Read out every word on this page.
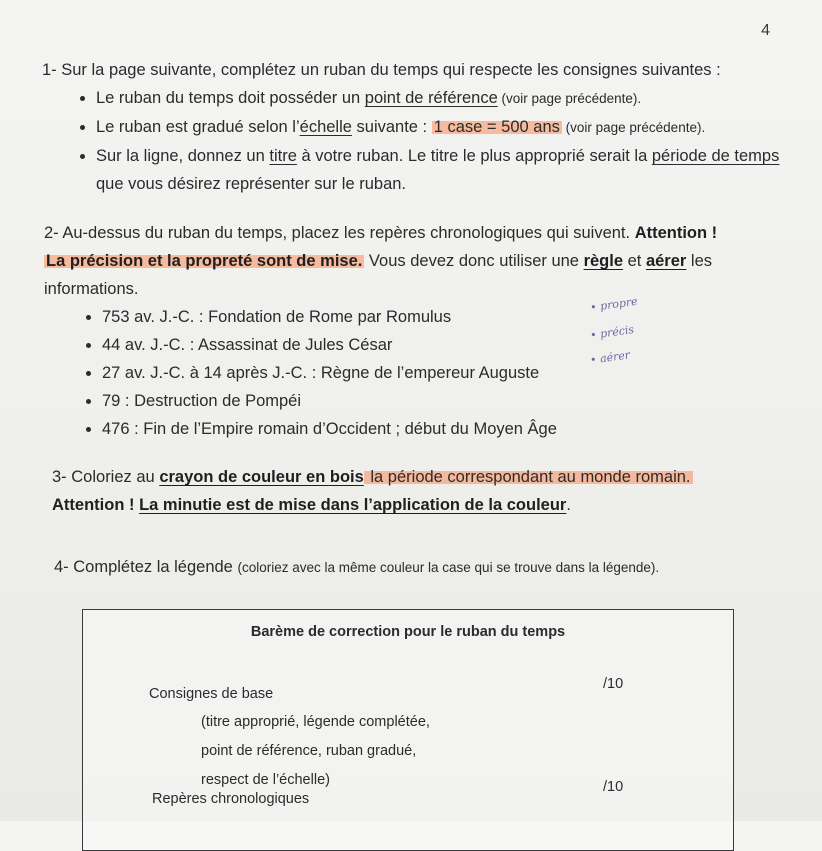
4
1- Sur la page suivante, complétez un ruban du temps qui respecte les consignes suivantes :
• Le ruban du temps doit posséder un point de référence (voir page précédente).
• Le ruban est gradué selon l’échelle suivante : 1 case = 500 ans (voir page précédente).
• Sur la ligne, donnez un titre à votre ruban. Le titre le plus approprié serait la période de temps que vous désirez représenter sur le ruban.
2- Au-dessus du ruban du temps, placez les repères chronologiques qui suivent. Attention !
La précision et la propreté sont de mise. Vous devez donc utiliser une règle et aérer les informations.
• 753 av. J.-C. : Fondation de Rome par Romulus
• 44 av. J.-C. : Assassinat de Jules César
• 27 av. J.-C. à 14 après J.-C. : Règne de l’empereur Auguste
• 79 : Destruction de Pompéi
• 476 : Fin de l’Empire romain d’Occident ; début du Moyen Âge
• propre
• précis
• aérer

3- Coloriez au crayon de couleur en bois la période correspondant au monde romain.

Attention ! La minutie est de mise dans l’application de la couleur.

4- Complétez la légende (coloriez avec la même couleur la case qui se trouve dans la légende).
Barème de correction pour le ruban du temps
Consignes de base
/10
(titre approprié, légende complétée,
point de référence, ruban gradué,
respect de l’échelle)
Repères chronologiques
/10
